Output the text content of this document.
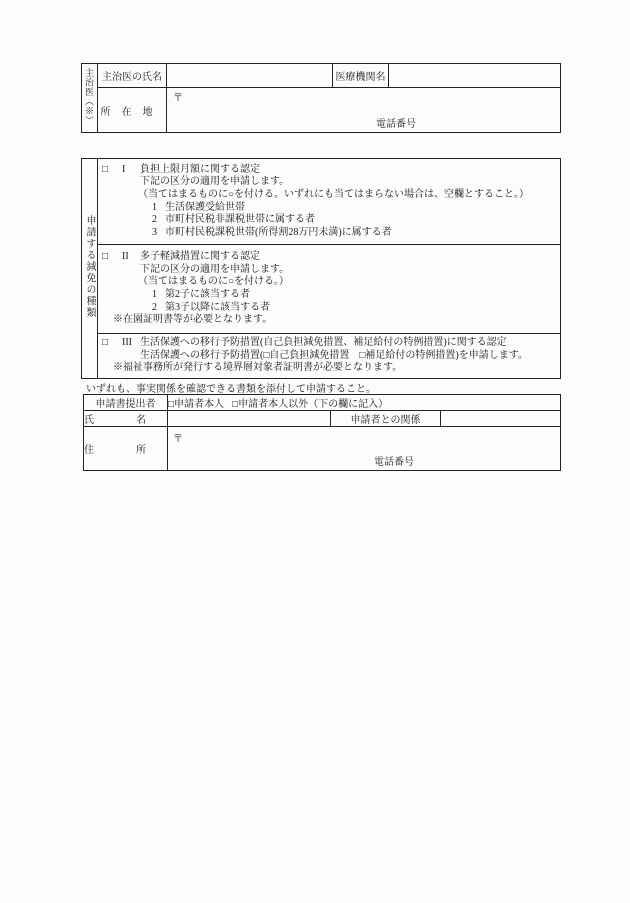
主治医（※）	主治医の氏名		医療機関名	
	所在地	〒
電話番号		
申請する減免の種類	
□ I 負担上限月額に関する認定
下記の区分の適用を申請します。
（当てはまるものに○を付ける。いずれにも当てはまらない場合は、空欄とすること。）
1 生活保護受給世帯
2 市町村民税非課税世帯に属する者
3 市町村民税課税世帯(所得割28万円未満)に属する者

□ II 多子軽減措置に関する認定
下記の区分の適用を申請します。
（当てはまるものに○を付ける。）
1 第2子に該当する者
2 第3子以降に該当する者
※在園証明書等が必要となります。

□ III 生活保護への移行予防措置(自己負担減免措置、補足給付の特例措置)に関する認定
生活保護への移行予防措置(□自己負担減免措置　□補足給付の特例措置)を申請します。
※福祉事務所が発行する境界層対象者証明書が必要となります。
いずれも、事実関係を確認できる書類を添付して申請すること。
申請書提出者	□申請者本人 □申請者本人以外（下の欄に記入）		
氏名		申請者との関係	
住所	〒
電話番号		
